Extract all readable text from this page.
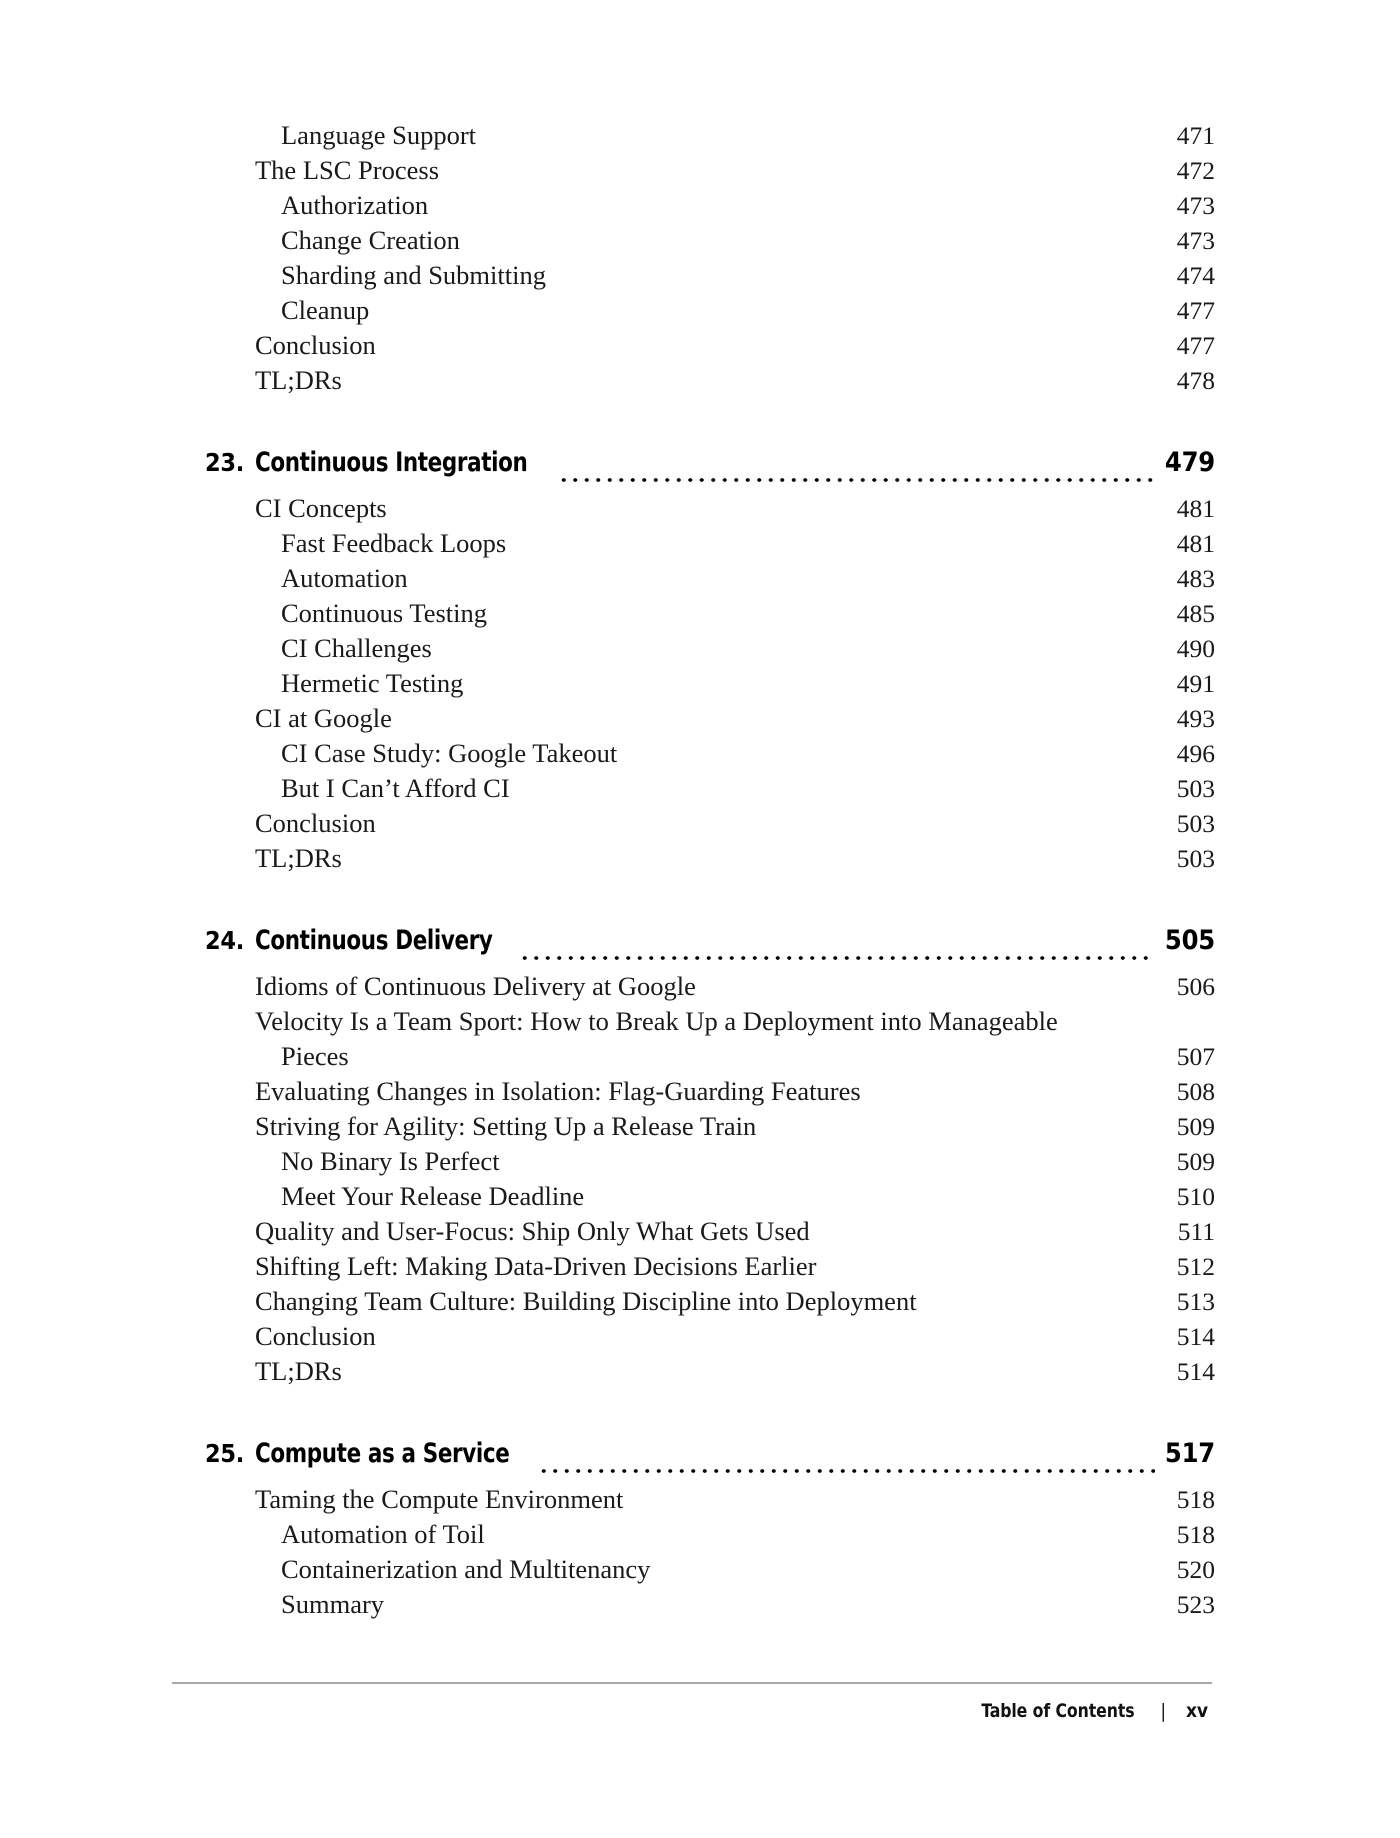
Language Support	471
The LSC Process	472
Authorization	473
Change Creation	473
Sharding and Submitting	474
Cleanup	477
Conclusion	477
TL;DRs	478
23. Continuous Integration	479
CI Concepts	481
Fast Feedback Loops	481
Automation	483
Continuous Testing	485
CI Challenges	490
Hermetic Testing	491
CI at Google	493
CI Case Study: Google Takeout	496
But I Can’t Afford CI	503
Conclusion	503
TL;DRs	503
24. Continuous Delivery	505
Idioms of Continuous Delivery at Google	506
Velocity Is a Team Sport: How to Break Up a Deployment into Manageable
Pieces	507
Evaluating Changes in Isolation: Flag-Guarding Features	508
Striving for Agility: Setting Up a Release Train	509
No Binary Is Perfect	509
Meet Your Release Deadline	510
Quality and User-Focus: Ship Only What Gets Used	511
Shifting Left: Making Data-Driven Decisions Earlier	512
Changing Team Culture: Building Discipline into Deployment	513
Conclusion	514
TL;DRs	514
25. Compute as a Service	517
Taming the Compute Environment	518
Automation of Toil	518
Containerization and Multitenancy	520
Summary	523
Table of Contents | xv
